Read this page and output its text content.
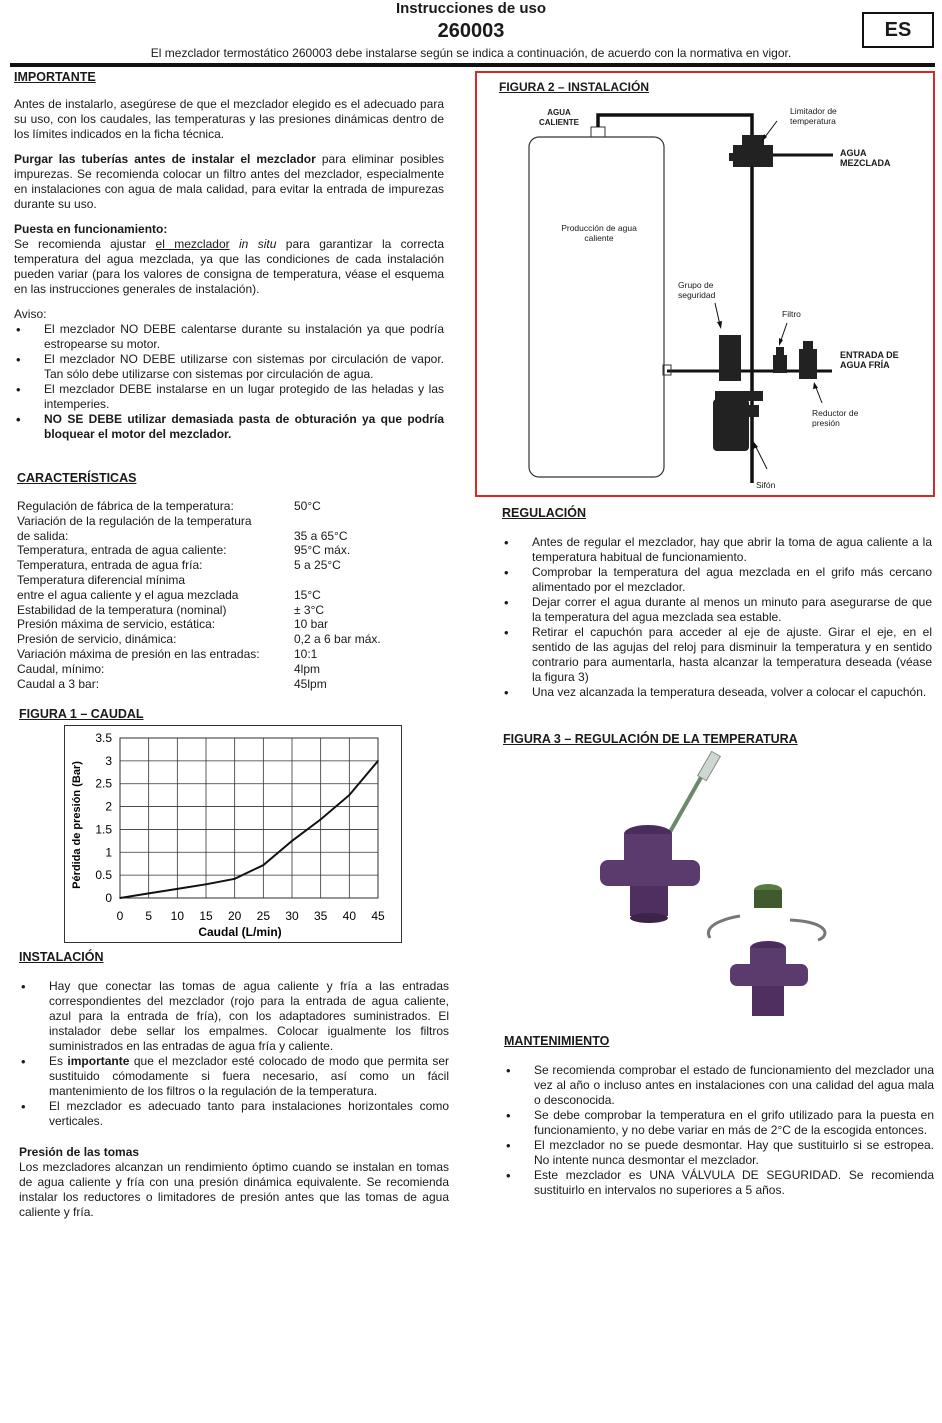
Instrucciones de uso
260003
El mezclador termostático 260003 debe instalarse según se indica a continuación, de acuerdo con la normativa en vigor.
ES
IMPORTANTE

Antes de instalarlo, asegúrese de que el mezclador elegido es el adecuado para su uso, con los caudales, las temperaturas y las presiones dinámicas dentro de los límites indicados en la ficha técnica.

Purgar las tuberías antes de instalar el mezclador para eliminar posibles impurezas. Se recomienda colocar un filtro antes del mezclador, especialmente en instalaciones con agua de mala calidad, para evitar la entrada de impurezas durante su uso.

Puesta en funcionamiento:

Se recomienda ajustar el mezclador in situ para garantizar la correcta temperatura del agua mezclada, ya que las condiciones de cada instalación pueden variar (para los valores de consigna de temperatura, véase el esquema en las instrucciones generales de instalación).

Aviso:
• El mezclador NO DEBE calentarse durante su instalación ya que podría estropearse su motor.
• El mezclador NO DEBE utilizarse con sistemas por circulación de vapor. Tan sólo debe utilizarse con sistemas por circulación de agua.
• El mezclador DEBE instalarse en un lugar protegido de las heladas y las intemperies.
• NO SE DEBE utilizar demasiada pasta de obturación ya que podría bloquear el motor del mezclador.
CARACTERÍSTICAS
Regulación de fábrica de la temperatura:	50°C
Variación de la regulación de la temperatura
de salida:	35 a 65°C
Temperatura, entrada de agua caliente:	95°C máx.
Temperatura, entrada de agua fría:	5 a 25°C
Temperatura diferencial mínima
entre el agua caliente y el agua mezclada	15°C
Estabilidad de la temperatura (nominal)	± 3°C
Presión máxima de servicio, estática:	10 bar
Presión de servicio, dinámica:	0,2 a 6 bar máx.
Variación máxima de presión en las entradas:	10:1
Caudal, mínimo:	4lpm
Caudal a 3 bar:	45lpm
FIGURA 1 – CAUDAL
0 5 10 15 20 25 30 35 40 45
0
0.5
1
1.5
2
2.5
3
3.5
Caudal (L/min)
Pérdida de presión (Bar)
INSTALACIÓN
• Hay que conectar las tomas de agua caliente y fría a las entradas correspondientes del mezclador (rojo para la entrada de agua caliente, azul para la entrada de fría), con los adaptadores suministrados. El instalador debe sellar los empalmes. Colocar igualmente los filtros suministrados en las entradas de agua fría y caliente.
• Es importante que el mezclador esté colocado de modo que permita ser sustituido cómodamente si fuera necesario, así como un fácil mantenimiento de los filtros o la regulación de la temperatura.
• El mezclador es adecuado tanto para instalaciones horizontales como verticales.
Presión de las tomas

Los mezcladores alcanzan un rendimiento óptimo cuando se instalan en tomas de agua caliente y fría con una presión dinámica equivalente. Se recomienda instalar los reductores o limitadores de presión antes que las tomas de agua caliente y fría.

FIGURA 2 – INSTALACIÓN
AGUA
CALIENTE
Producción de agua
caliente
Limitador de
temperatura
AGUA
MEZCLADA
Grupo de
seguridad
Filtro
ENTRADA DE
AGUA FRÍA
Reductor de
presión
Sifón
REGULACIÓN
• Antes de regular el mezclador, hay que abrir la toma de agua caliente a la temperatura habitual de funcionamiento.
• Comprobar la temperatura del agua mezclada en el grifo más cercano alimentado por el mezclador.
• Dejar correr el agua durante al menos un minuto para asegurarse de que la temperatura del agua mezclada sea estable.
• Retirar el capuchón para acceder al eje de ajuste. Girar el eje, en el sentido de las agujas del reloj para disminuir la temperatura y en sentido contrario para aumentarla, hasta alcanzar la temperatura deseada (véase la figura 3)
• Una vez alcanzada la temperatura deseada, volver a colocar el capuchón.
FIGURA 3 – REGULACIÓN DE LA TEMPERATURA
MANTENIMIENTO
• Se recomienda comprobar el estado de funcionamiento del mezclador una vez al año o incluso antes en instalaciones con una calidad del agua mala o desconocida.
• Se debe comprobar la temperatura en el grifo utilizado para la puesta en funcionamiento, y no debe variar en más de 2°C de la escogida entonces.
• El mezclador no se puede desmontar. Hay que sustituirlo si se estropea. No intente nunca desmontar el mezclador.
• Este mezclador es UNA VÁLVULA DE SEGURIDAD. Se recomienda sustituirlo en intervalos no superiores a 5 años.
